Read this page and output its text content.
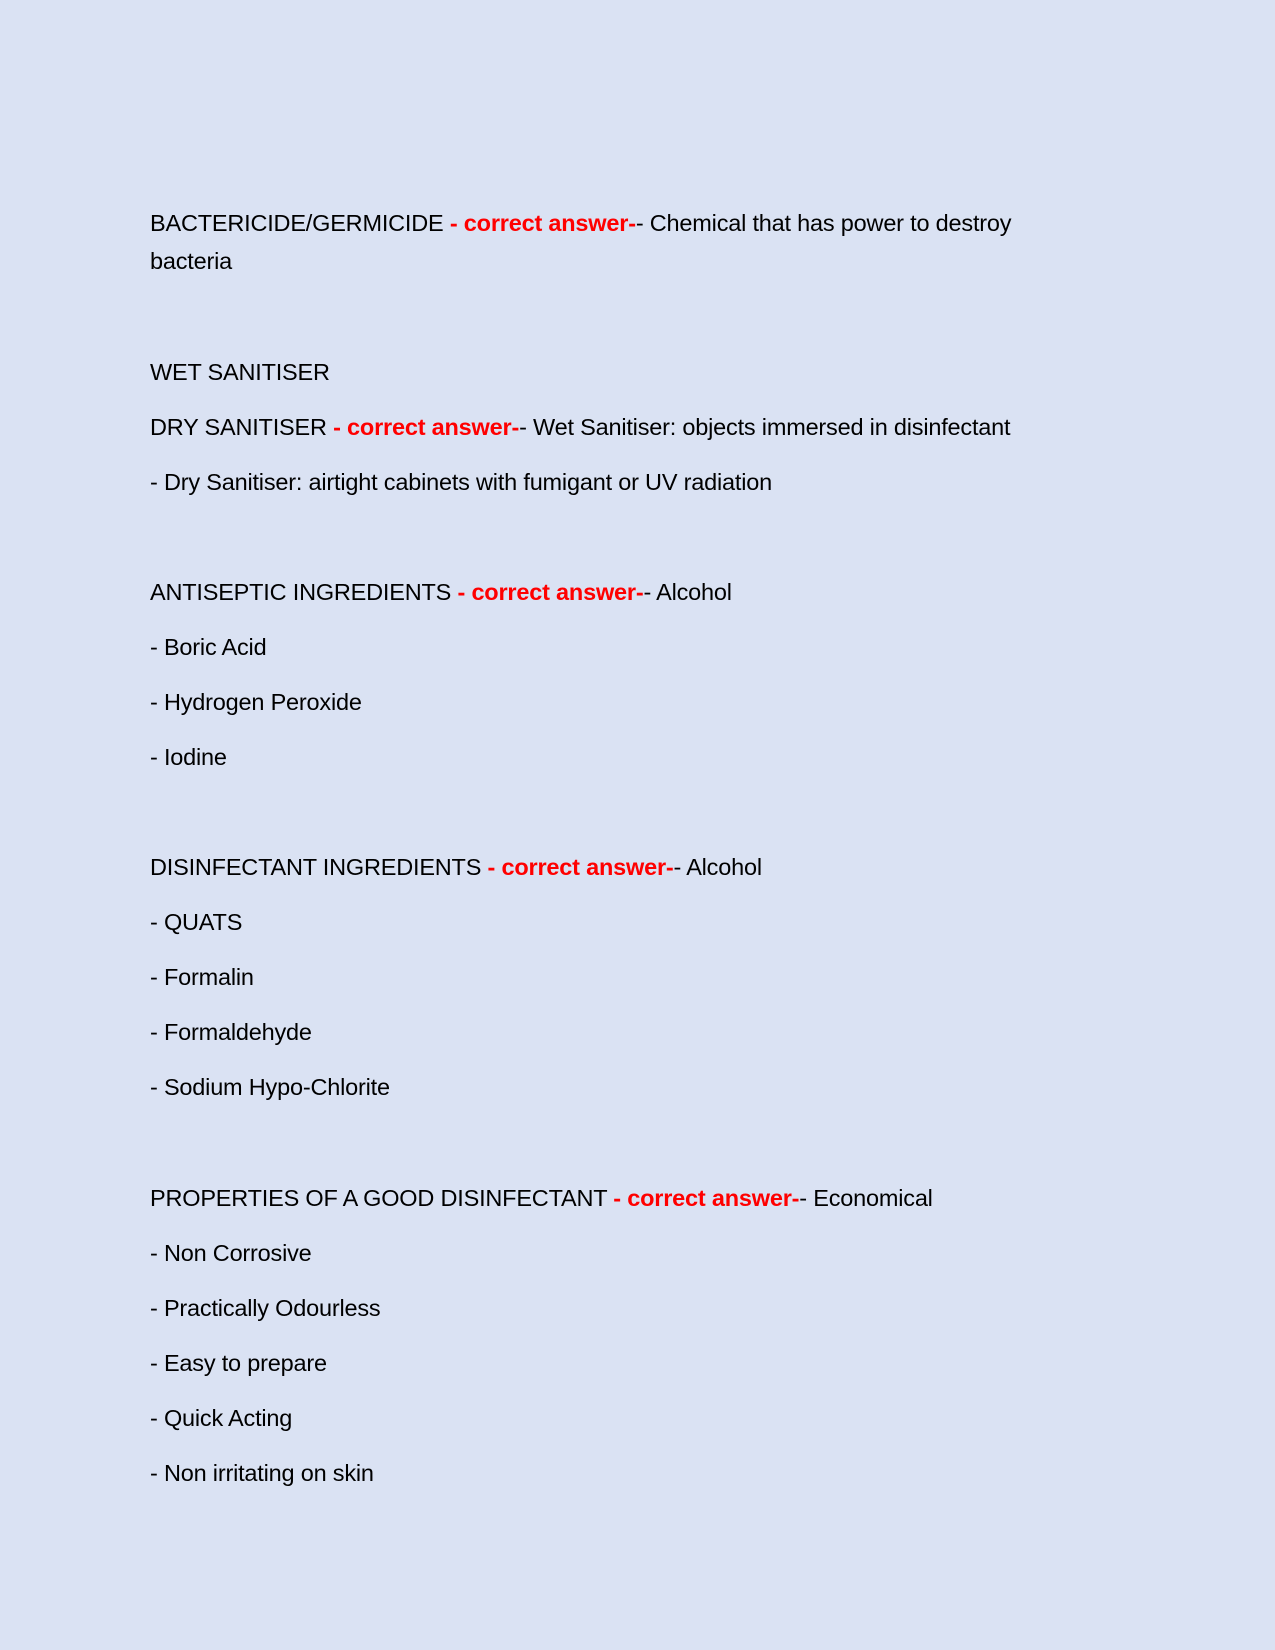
BACTERICIDE/GERMICIDE - correct answer-- Chemical that has power to destroy
bacteria
WET SANITISER
DRY SANITISER - correct answer-- Wet Sanitiser: objects immersed in disinfectant
- Dry Sanitiser: airtight cabinets with fumigant or UV radiation
ANTISEPTIC INGREDIENTS - correct answer-- Alcohol
- Boric Acid
- Hydrogen Peroxide
- Iodine
DISINFECTANT INGREDIENTS - correct answer-- Alcohol
- QUATS
- Formalin
- Formaldehyde
- Sodium Hypo-Chlorite
PROPERTIES OF A GOOD DISINFECTANT - correct answer-- Economical
- Non Corrosive
- Practically Odourless
- Easy to prepare
- Quick Acting
- Non irritating on skin
